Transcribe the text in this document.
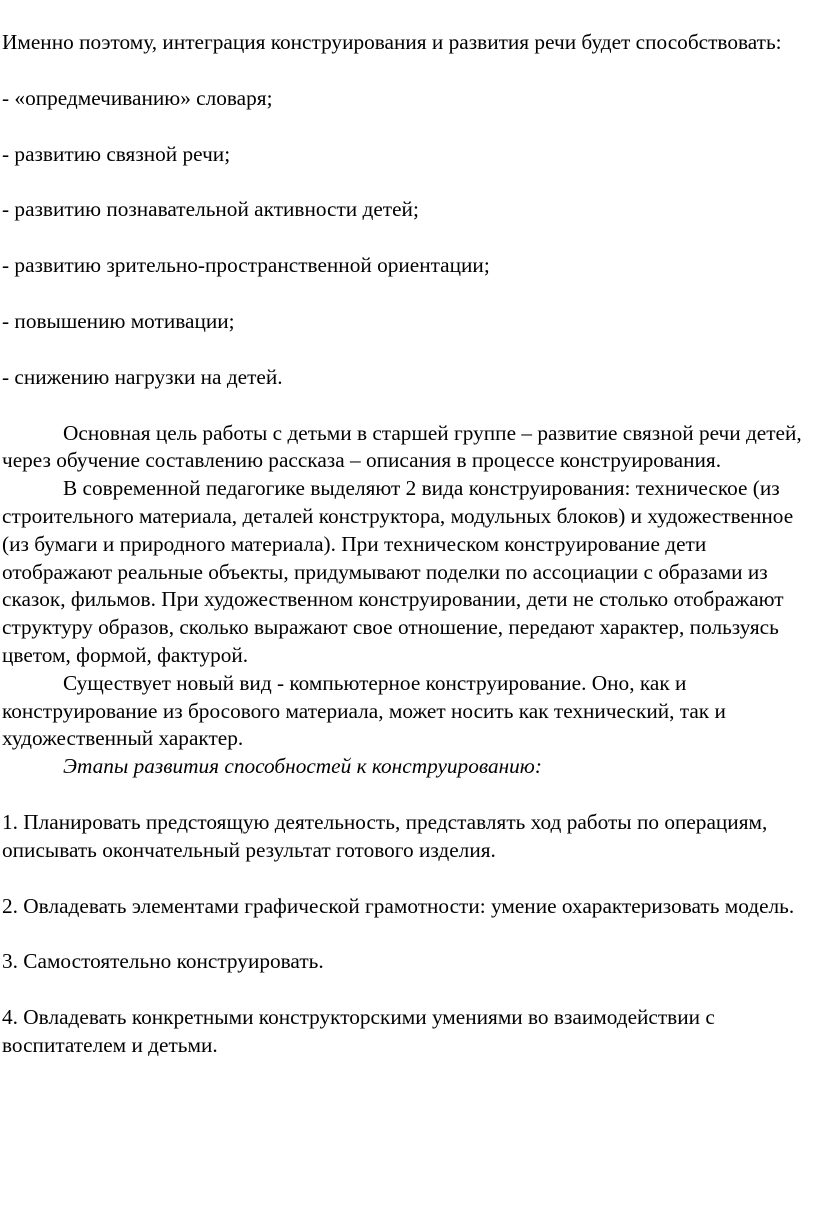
Именно поэтому, интеграция конструирования и развития речи будет способствовать:

- «опредмечиванию» словаря;

- развитию связной речи;

- развитию познавательной активности детей;

- развитию зрительно-пространственной ориентации;

- повышению мотивации;

- снижению нагрузки на детей.

Основная цель работы с детьми в старшей группе – развитие связной речи детей, через обучение составлению рассказа – описания в процессе конструирования.

В современной педагогике выделяют 2 вида конструирования: техническое (из строительного материала, деталей конструктора, модульных блоков) и художественное (из бумаги и природного материала). При техническом конструирование дети отображают реальные объекты, придумывают поделки по ассоциации с образами из сказок, фильмов. При художественном конструировании, дети не столько отображают структуру образов, сколько выражают свое отношение, передают характер, пользуясь цветом, формой, фактурой.

Существует новый вид - компьютерное конструирование. Оно, как и конструирование из бросового материала, может носить как технический, так и художественный характер.

Этапы развития способностей к конструированию:

1. Планировать предстоящую деятельность, представлять ход работы по операциям, описывать окончательный результат готового изделия.

2. Овладевать элементами графической грамотности: умение охарактеризовать модель.

3. Самостоятельно конструировать.

4. Овладевать конкретными конструкторскими умениями во взаимодействии с воспитателем и детьми.
